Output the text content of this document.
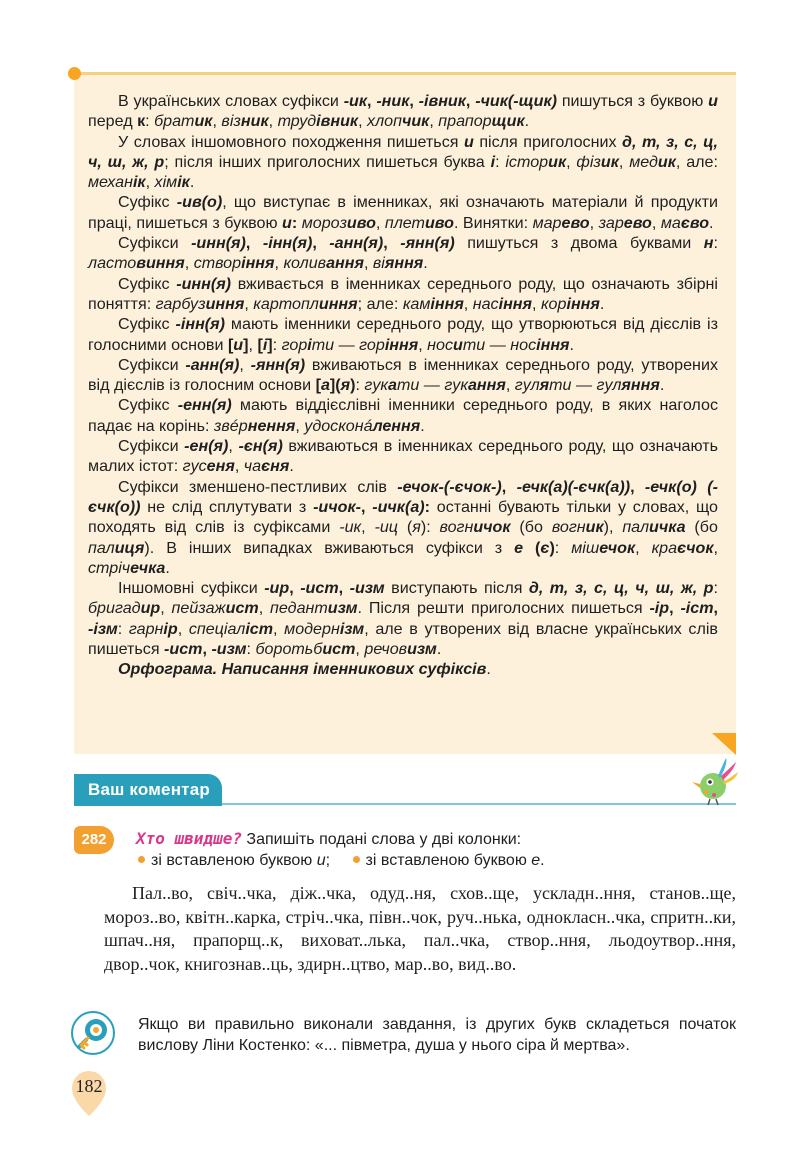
В українських словах суфікси -ик, -ник, -івник, -чик(-щик) пишуться з буквою и перед к: братик, візник, трудівник, хлопчик, прапорщик.

У словах іншомовного походження пишеться и після приголосних д, т, з, с, ц, ч, ш, ж, р; після інших приголосних пишеться буква і: історик, фізик, медик, але: механік, хімік.

Суфікс -ив(о), що виступає в іменниках, які означають матеріали й продукти праці, пишеться з буквою и: морозиво, плетиво. Винятки: марево, зарево, маєво.

Суфікси -инн(я), -інн(я), -анн(я), -янн(я) пишуться з двома буквами н: ластовиння, створіння, коливання, віяння.

Суфікс -инн(я) вживається в іменниках середнього роду, що означають збірні поняття: гарбузиння, картоплиння; але: каміння, насіння, коріння.

Суфікс -інн(я) мають іменники середнього роду, що утворюються від дієслів із голосними основи [и], [і]: горіти — горіння, носити — носіння.

Суфікси -анн(я), -янн(я) вживаються в іменниках середнього роду, утворених від дієслів із голосним основи [а](я): гукати — гукання, гуляти — гуляння.

Суфікс -енн(я) мають віддієслівні іменники середнього роду, в яких наголос падає на корінь: звéрнення, удосконáлення.

Суфікси -ен(я), -єн(я) вживаються в іменниках середнього роду, що означають малих істот: гусеня, чаєня.

Суфікси зменшено-пестливих слів -ечок-(-єчок-), -ечк(а)(-єчк(а)), -ечк(о) (-єчк(о)) не слід сплутувати з -ичок-, -ичк(а): останні бувають тільки у словах, що походять від слів із суфіксами -ик, -иц (я): вогничок (бо вогник), паличка (бо палиця). В інших випадках вживаються суфікси з е (є): мішечок, краєчок, стрічечка.

Іншомовні суфікси -ир, -ист, -изм виступають після д, т, з, с, ц, ч, ш, ж, р: бригадир, пейзажист, педантизм. Після решти приголосних пишеться -ір, -іст, -ізм: гарнір, спеціаліст, модернізм, але в утворених від власне українських слів пишеться -ист, -изм: боротьбист, речовизм.

Орфограма. Написання іменникових суфіксів.

Ваш коментар
282	Хто швидше? Запишіть подані слова у дві колонки:
зі вставленою буквою и; зі вставленою буквою е.

Пал..во, свіч..чка, діж..чка, одуд..ня, схов..ще, ускладн..ння, станов..ще, мороз..во, квітн..карка, стріч..чка, півн..чок, руч..нька, однокласн..чка, спритн..ки, шпач..ня, прапорщ..к, виховат..лька, пал..чка, створ..ння, льодоутвор..ння, двор..чок, книгознав..ць, здирн..цтво, мар..во, вид..во.

Якщо ви правильно виконали завдання, із других букв складеться початок вислову Ліни Костенко: «... півметра, душа у нього сіра й мертва».
182
